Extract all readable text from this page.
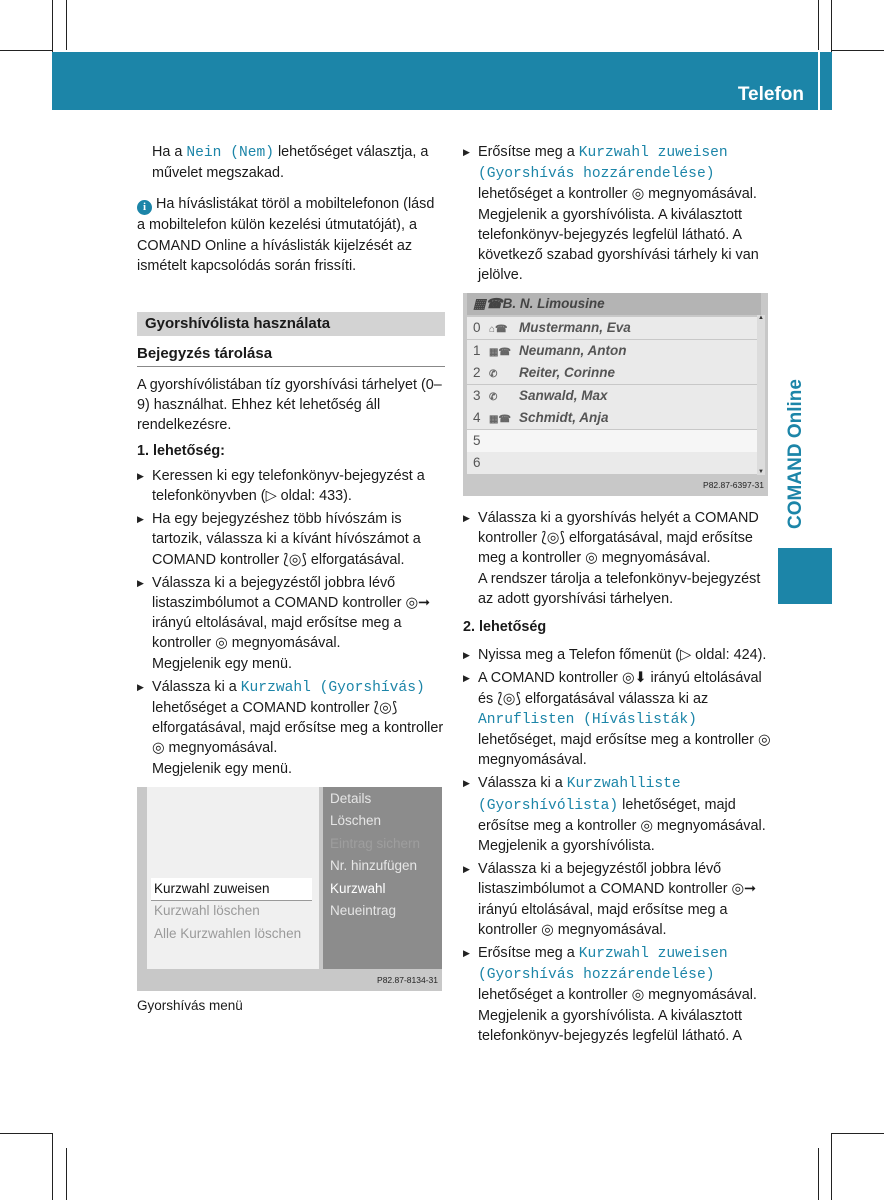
Telefon	439
COMAND Online

Ha a Nein (Nem) lehetőséget választja, a művelet megszakad.

i Ha híváslistákat töröl a mobiltelefonon (lásd a mobiltelefon külön kezelési útmutatóját), a COMAND Online a híváslisták kijelzését az ismételt kapcsolódás során frissíti.

Gyorshívólista használata
Bejegyzés tárolása

A gyorshívólistában tíz gyorshívási tárhelyet (0–9) használhat. Ehhez két lehetőség áll rendelkezésre.

1. lehetőség:

▶ Keressen ki egy telefonkönyv-bejegyzést a telefonkönyvben (▷ oldal: 433).
▶ Ha egy bejegyzéshez több hívószám is tartozik, válassza ki a kívánt hívószámot a COMAND kontroller ⟅◎⟆ elforgatásával.
▶ Válassza ki a bejegyzéstől jobbra lévő listaszimbólumot a COMAND kontroller ◎➞ irányú eltolásával, majd erősítse meg a kontroller ◎ megnyomásával.

Megjelenik egy menü.

▶ Válassza ki a Kurzwahl (Gyorshívás) lehetőséget a COMAND kontroller ⟅◎⟆ elforgatásával, majd erősítse meg a kontroller ◎ megnyomásával.

Megjelenik egy menü.

Details
Löschen
Eintrag sichern
Nr. hinzufügen
Kurzwahl
Neueintrag
Kurzwahl zuweisen
Kurzwahl löschen
Alle Kurzwahlen löschen
P82.87-8134-31
Gyorshívás menü
▶ Erősítse meg a Kurzwahl zuweisen (Gyorshívás hozzárendelése) lehetőséget a kontroller ◎ megnyomásával.

Megjelenik a gyorshívólista. A kiválasztott telefonkönyv-bejegyzés legfelül látható. A következő szabad gyorshívási tárhely ki van jelölve.

▦☎B. N. Limousine
0 ⌂☎ Mustermann, Eva
1 ▦☎ Neumann, Anton
2 ✆ Reiter, Corinne
3 ✆ Sanwald, Max
4 ▦☎ Schmidt, Anja
5
6
▲
▼
P82.87-6397-31
▶ Válassza ki a gyorshívás helyét a COMAND kontroller ⟅◎⟆ elforgatásával, majd erősítse meg a kontroller ◎ megnyomásával.

A rendszer tárolja a telefonkönyv-bejegyzést az adott gyorshívási tárhelyen.

2. lehetőség

▶ Nyissa meg a Telefon főmenüt (▷ oldal: 424).
▶ A COMAND kontroller ◎⬇ irányú eltolásával és ⟅◎⟆ elforgatásával válassza ki az Anruflisten (Híváslisták) lehetőséget, majd erősítse meg a kontroller ◎ megnyomásával.
▶ Válassza ki a Kurzwahlliste (Gyorshívólista) lehetőséget, majd erősítse meg a kontroller ◎ megnyomásával.

Megjelenik a gyorshívólista.

▶ Válassza ki a bejegyzéstől jobbra lévő listaszimbólumot a COMAND kontroller ◎➞ irányú eltolásával, majd erősítse meg a kontroller ◎ megnyomásával.
▶ Erősítse meg a Kurzwahl zuweisen (Gyorshívás hozzárendelése) lehetőséget a kontroller ◎ megnyomásával.

Megjelenik a gyorshívólista. A kiválasztott telefonkönyv-bejegyzés legfelül látható. A
